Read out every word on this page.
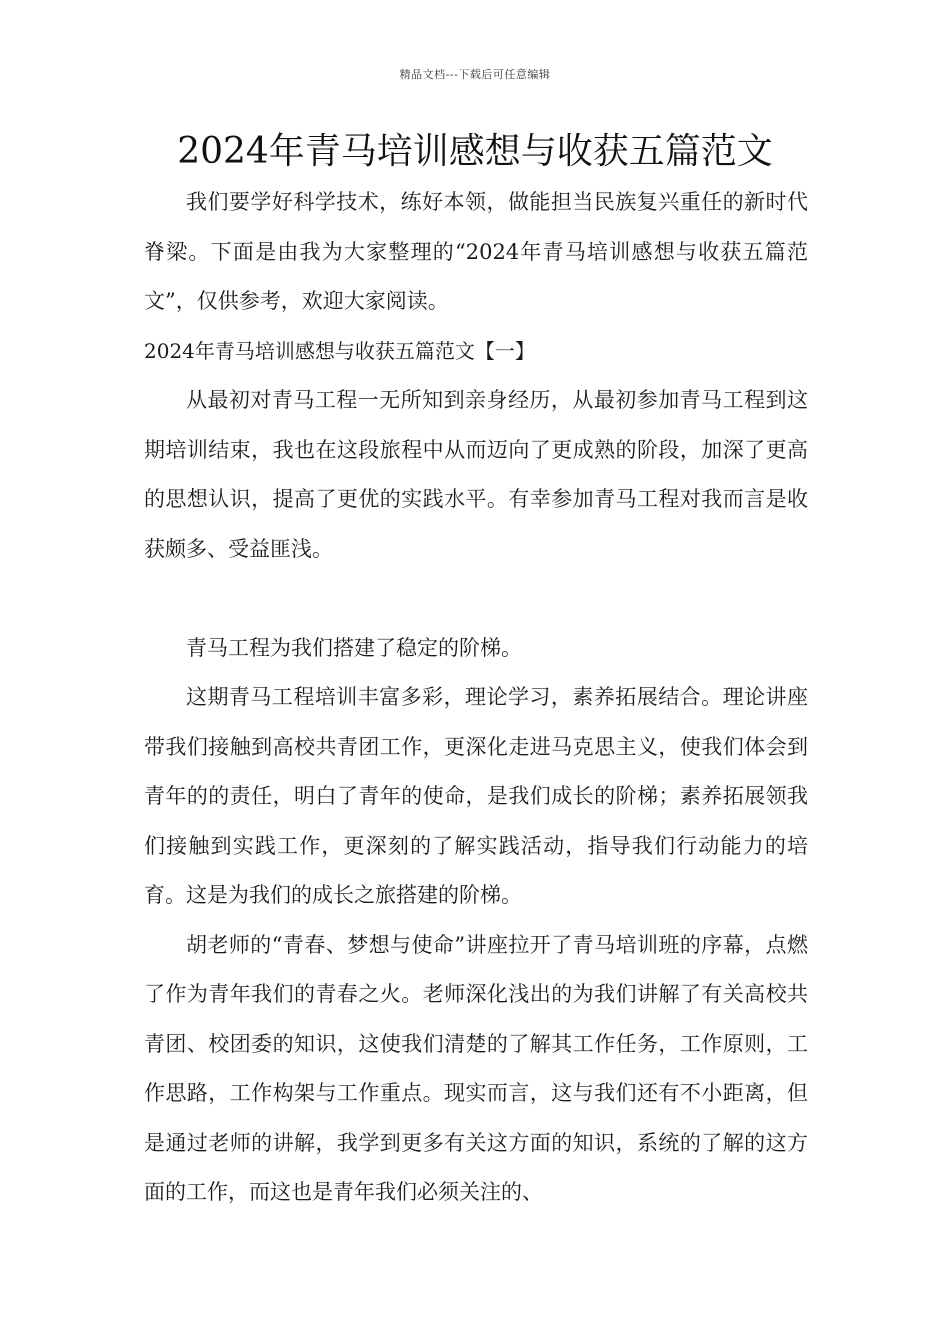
精品文档---下载后可任意编辑
2024年青马培训感想与收获五篇范文

我们要学好科学技术，练好本领，做能担当民族复兴重任的新时代脊梁。下面是由我为大家整理的“2024年青马培训感想与收获五篇范文”，仅供参考，欢迎大家阅读。

2024年青马培训感想与收获五篇范文【一】

从最初对青马工程一无所知到亲身经历，从最初参加青马工程到这期培训结束，我也在这段旅程中从而迈向了更成熟的阶段，加深了更高的思想认识，提高了更优的实践水平。有幸参加青马工程对我而言是收获颇多、受益匪浅。

青马工程为我们搭建了稳定的阶梯。

这期青马工程培训丰富多彩，理论学习，素养拓展结合。理论讲座带我们接触到高校共青团工作，更深化走进马克思主义，使我们体会到青年的的责任，明白了青年的使命，是我们成长的阶梯；素养拓展领我们接触到实践工作，更深刻的了解实践活动，指导我们行动能力的培育。这是为我们的成长之旅搭建的阶梯。

胡老师的“青春、梦想与使命”讲座拉开了青马培训班的序幕，点燃了作为青年我们的青春之火。老师深化浅出的为我们讲解了有关高校共青团、校团委的知识，这使我们清楚的了解其工作任务，工作原则，工作思路，工作构架与工作重点。现实而言，这与我们还有不小距离，但是通过老师的讲解，我学到更多有关这方面的知识，系统的了解的这方面的工作，而这也是青年我们必须关注的、
